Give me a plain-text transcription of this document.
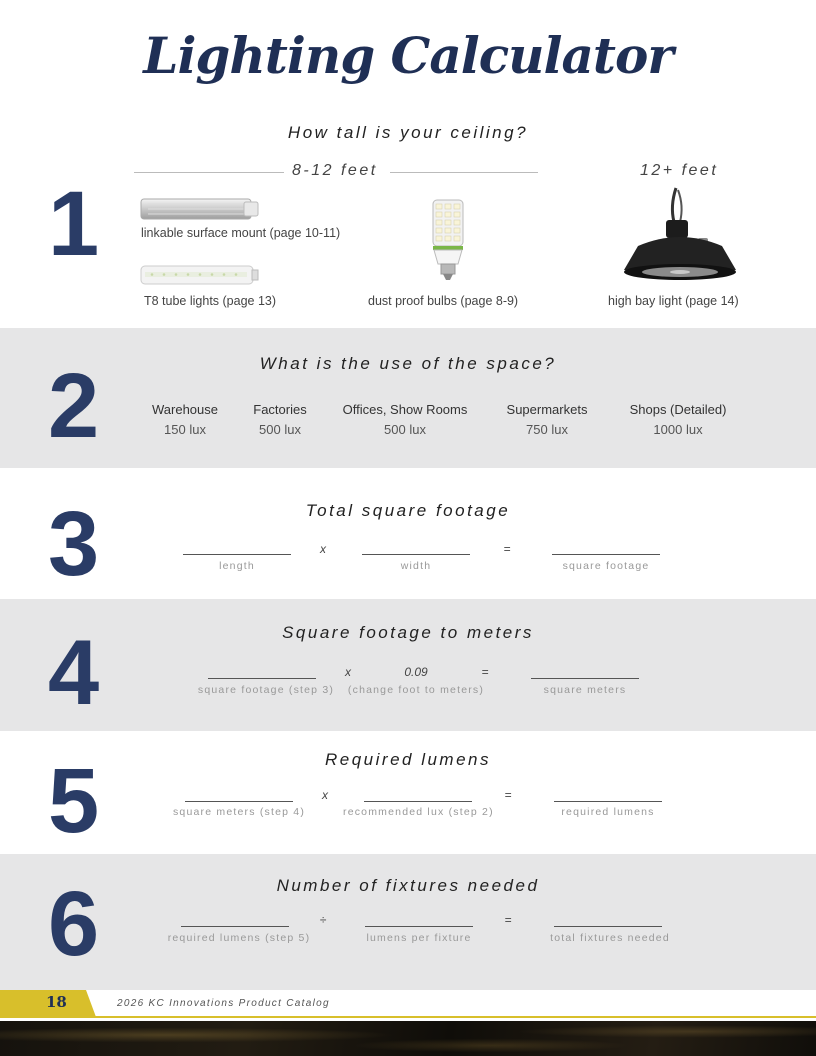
Lighting Calculator
1
How tall is your ceiling?
8-12 feet	12+ feet
linkable surface mount (page 10-11)
T8 tube lights (page 13)	dust proof bulbs (page 8-9)	high bay light (page 14)
2	What is the use of the space?
Warehouse
150 lux
Factories
500 lux
Offices, Show Rooms
500 lux
Supermarkets
750 lux
Shops (Detailed)
1000 lux
3	Total square footage
x	=
length	width	square footage
4	Square footage to meters
x	0.09	=
square footage (step 3) (change foot to meters)	square meters
5	Required lumens
x	=
square meters (step 4)	recommended lux (step 2)	required lumens
6	Number of fixtures needed
÷	=
required lumens (step 5)	lumens per fixture	total fixtures needed
18	2026 KC Innovations Product Catalog
